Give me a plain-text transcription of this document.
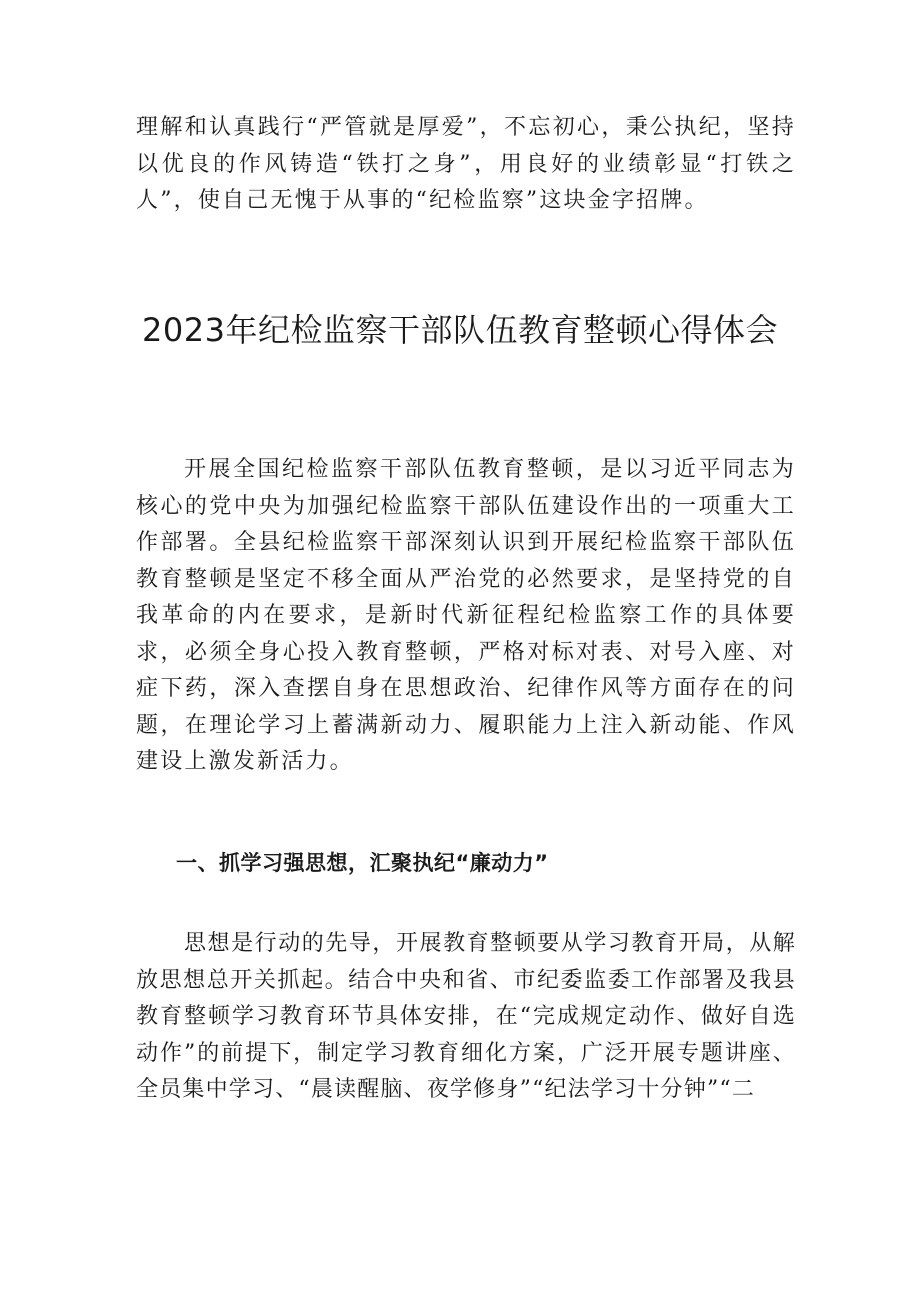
理解和认真践行“严管就是厚爱”，不忘初心，秉公执纪，坚持以优良的作风铸造“铁打之身”，用良好的业绩彰显“打铁之人”，使自己无愧于从事的“纪检监察”这块金字招牌。

2023年纪检监察干部队伍教育整顿心得体会

开展全国纪检监察干部队伍教育整顿，是以习近平同志为核心的党中央为加强纪检监察干部队伍建设作出的一项重大工作部署。全县纪检监察干部深刻认识到开展纪检监察干部队伍教育整顿是坚定不移全面从严治党的必然要求，是坚持党的自我革命的内在要求，是新时代新征程纪检监察工作的具体要求，必须全身心投入教育整顿，严格对标对表、对号入座、对症下药，深入查摆自身在思想政治、纪律作风等方面存在的问题，在理论学习上蓄满新动力、履职能力上注入新动能、作风建设上激发新活力。

一、抓学习强思想，汇聚执纪“廉动力”

思想是行动的先导，开展教育整顿要从学习教育开局，从解放思想总开关抓起。结合中央和省、市纪委监委工作部署及我县教育整顿学习教育环节具体安排，在“完成规定动作、做好自选动作”的前提下，制定学习教育细化方案，广泛开展专题讲座、全员集中学习、“晨读醒脑、夜学修身”“纪法学习十分钟”“二
